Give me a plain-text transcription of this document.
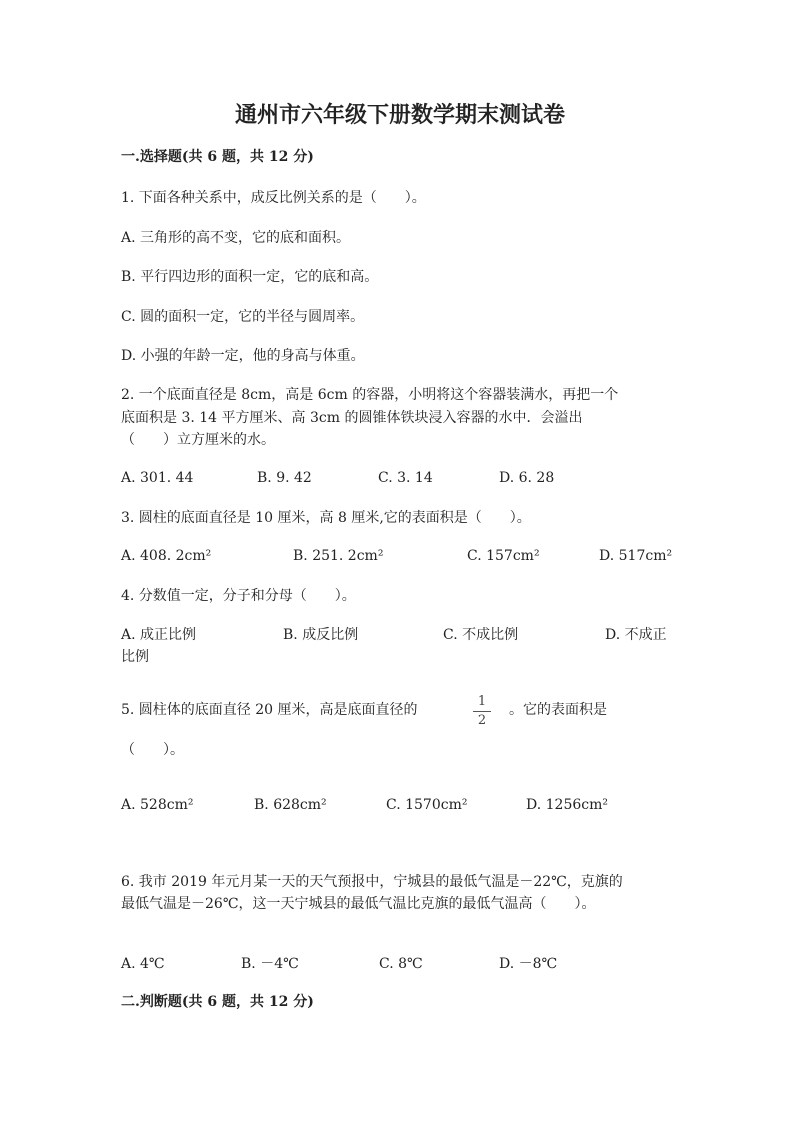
通州市六年级下册数学期末测试卷
一.选择题(共 6 题，共 12 分)
1. 下面各种关系中，成反比例关系的是（　　）。
A. 三角形的高不变，它的底和面积。
B. 平行四边形的面积一定，它的底和高。
C. 圆的面积一定，它的半径与圆周率。
D. 小强的年龄一定，他的身高与体重。
2. 一个底面直径是 8cm，高是 6cm 的容器，小明将这个容器装满水，再把一个
底面积是 3. 14 平方厘米、高 3cm 的圆锥体铁块浸入容器的水中．会溢出
（　　）立方厘米的水。
A. 301. 44	B. 9. 42	C. 3. 14	D. 6. 28
3. 圆柱的底面直径是 10 厘米，高 8 厘米,它的表面积是（　　）。
A. 408. 2cm²	B. 251. 2cm²	C. 157cm²	D. 517cm²
4. 分数值一定，分子和分母（　　）。
A. 成正比例	B. 成反比例	C. 不成比例	D. 不成正
比例
5. 圆柱体的底面直径 20 厘米，高是底面直径的
1
2
。它的表面积是
（　　）。
A. 528cm²	B. 628cm²	C. 1570cm²	D. 1256cm²
6. 我市 2019 年元月某一天的天气预报中，宁城县的最低气温是－22℃，克旗的
最低气温是－26℃，这一天宁城县的最低气温比克旗的最低气温高（　　）。
A. 4℃	B. －4℃	C. 8℃	D. －8℃
二.判断题(共 6 题，共 12 分)
